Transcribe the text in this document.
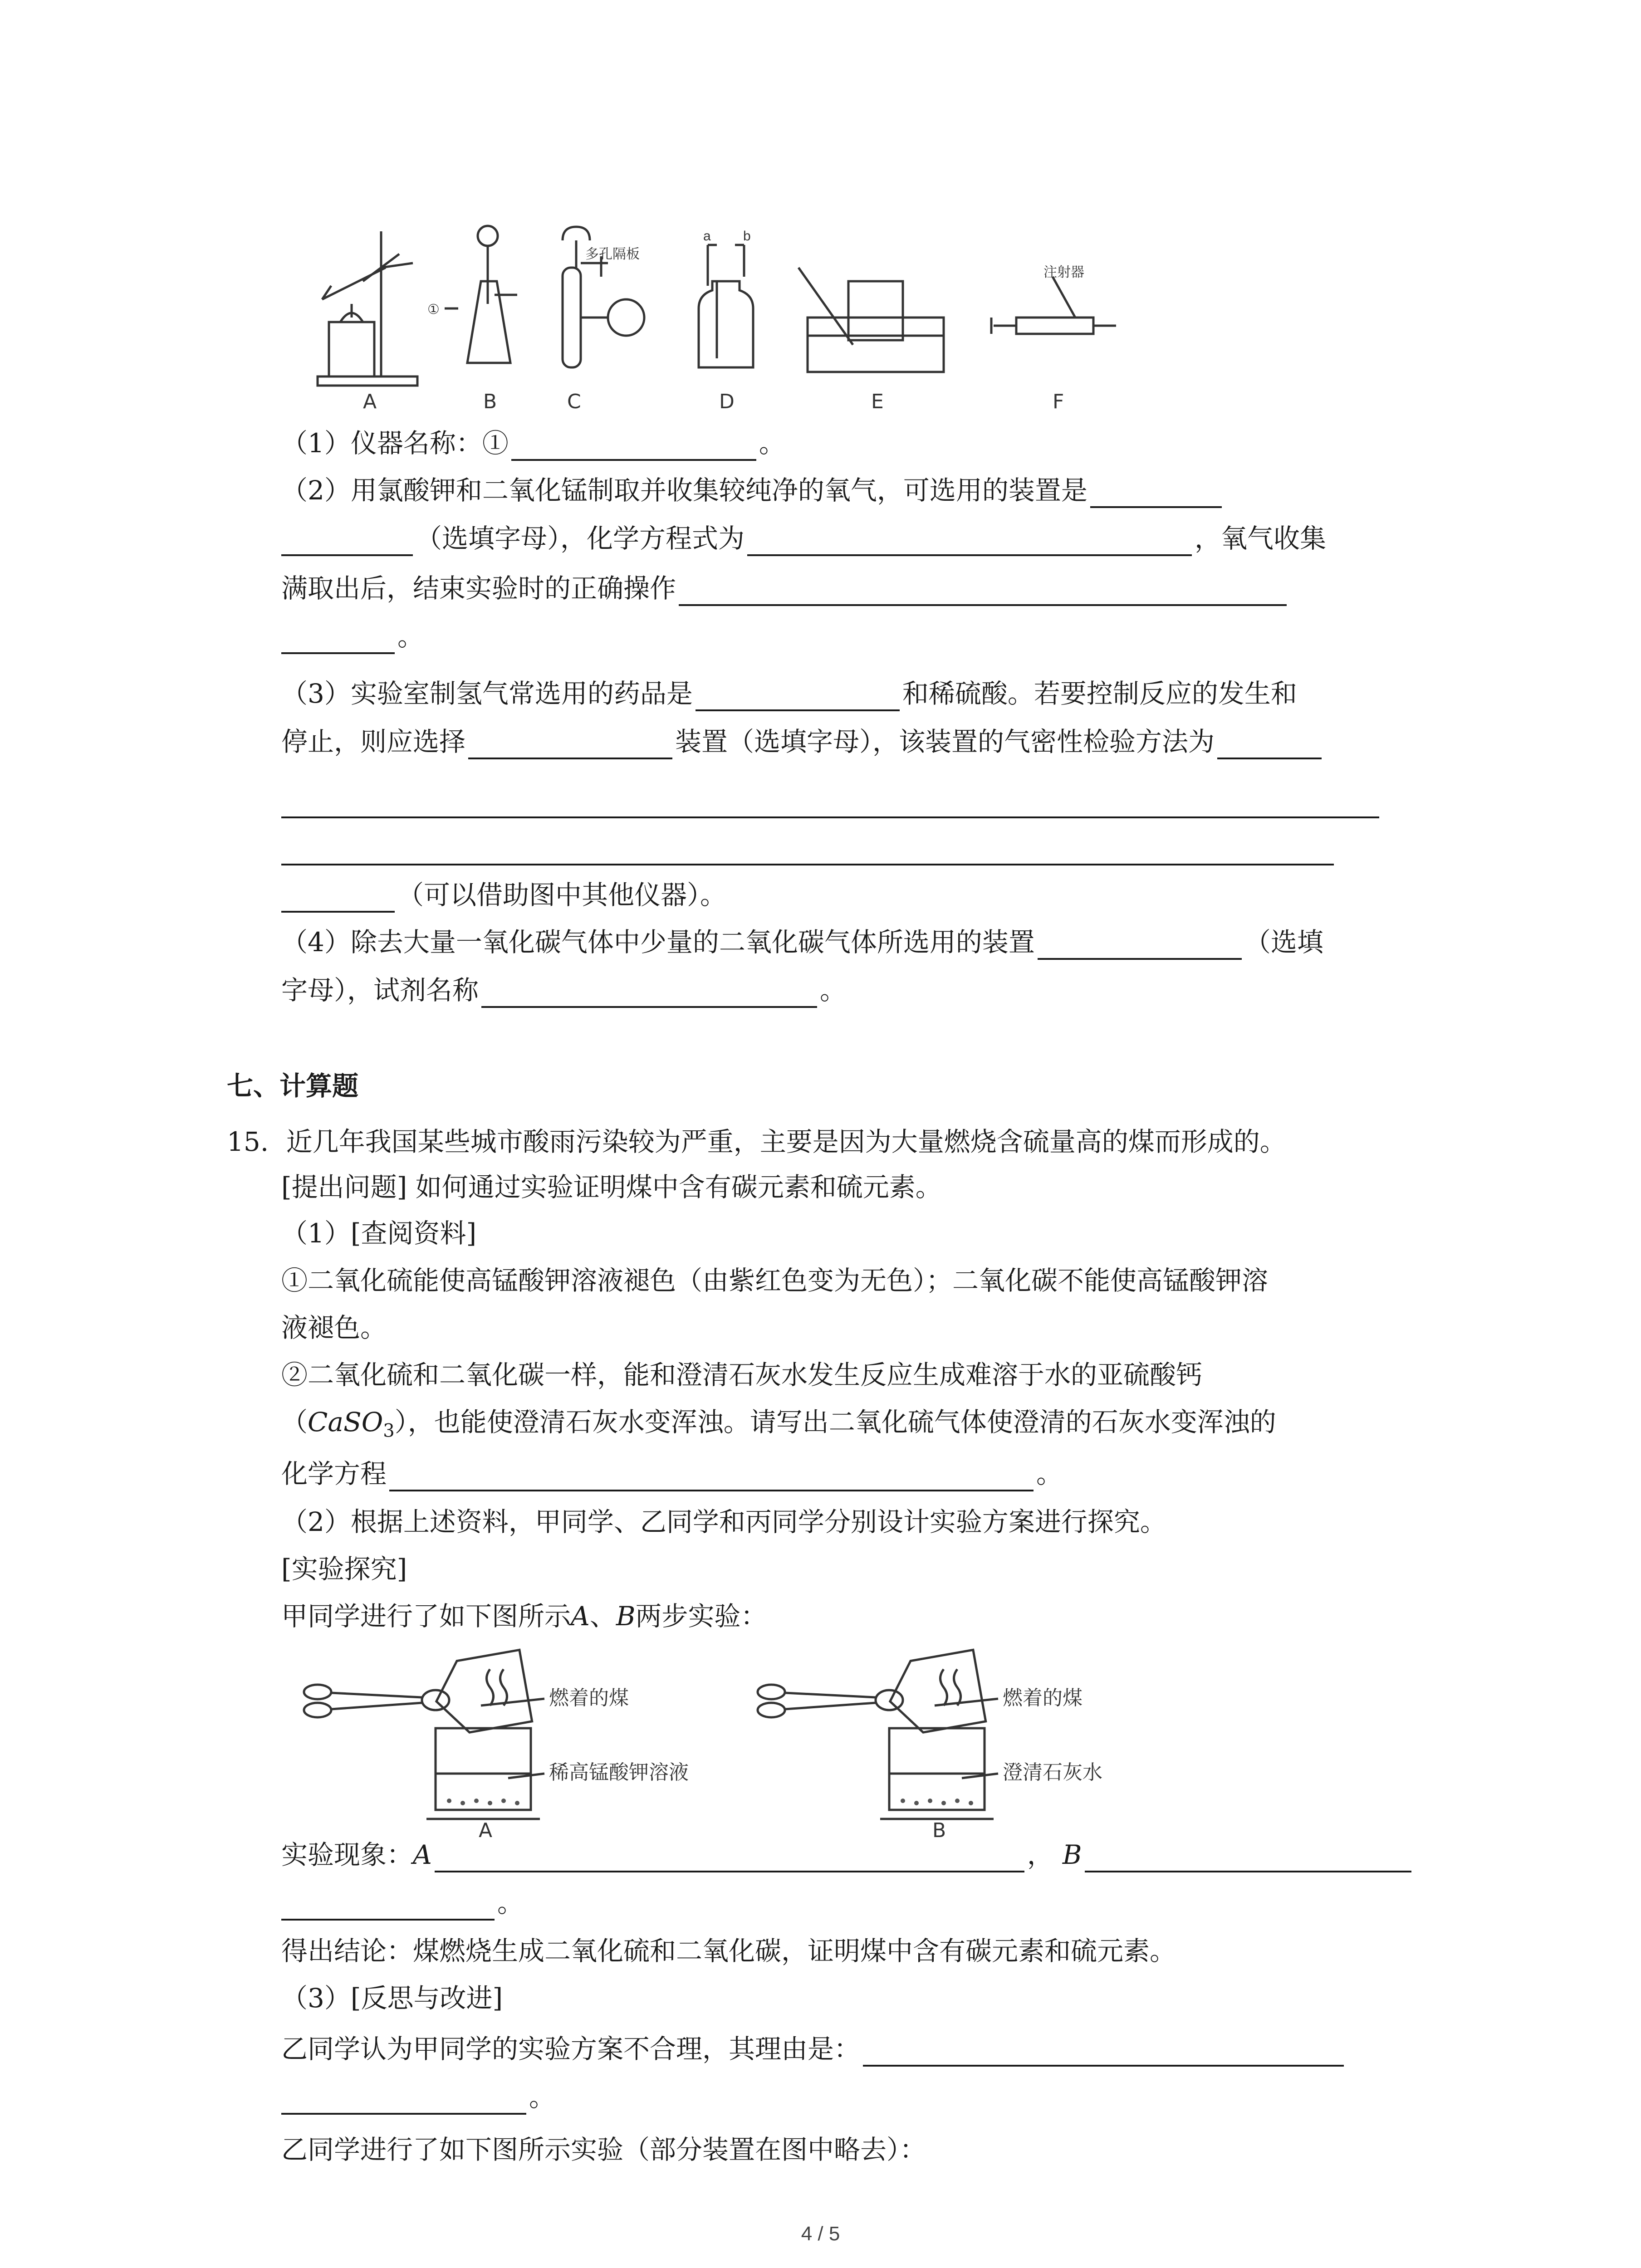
A	B	C	D	E	F
①
多孔隔板
a b
注射器
（1）仪器名称：①	。
（2）用氯酸钾和二氧化锰制取并收集较纯净的氧气，可选用的装置是
（选填字母），化学方程式为	，氧气收集
满取出后，结束实验时的正确操作
。
（3）实验室制氢气常选用的药品是	和稀硫酸。若要控制反应的发生和
停止，则应选择	装置（选填字母），该装置的气密性检验方法为
（可以借助图中其他仪器）。
（4）除去大量一氧化碳气体中少量的二氧化碳气体所选用的装置	（选填
字母），试剂名称	。
七、计算题
15. 近几年我国某些城市酸雨污染较为严重，主要是因为大量燃烧含硫量高的煤而形成的。
[提出问题] 如何通过实验证明煤中含有碳元素和硫元素。
（1）[查阅资料]
①二氧化硫能使高锰酸钾溶液褪色（由紫红色变为无色）；二氧化碳不能使高锰酸钾溶
液褪色。
②二氧化硫和二氧化碳一样，能和澄清石灰水发生反应生成难溶于水的亚硫酸钙
（CaSO$_3$），也能使澄清石灰水变浑浊。请写出二氧化硫气体使澄清的石灰水变浑浊的
化学方程	。
（2）根据上述资料，甲同学、乙同学和丙同学分别设计实验方案进行探究。
[实验探究]
甲同学进行了如下图所示A、B两步实验：
燃着的煤
稀高锰酸钾溶液
A
燃着的煤
澄清石灰水
B
实验现象：A	， B
。
得出结论：煤燃烧生成二氧化硫和二氧化碳，证明煤中含有碳元素和硫元素。
（3）[反思与改进]
乙同学认为甲同学的实验方案不合理，其理由是：
。
乙同学进行了如下图所示实验（部分装置在图中略去）：
4 / 5
